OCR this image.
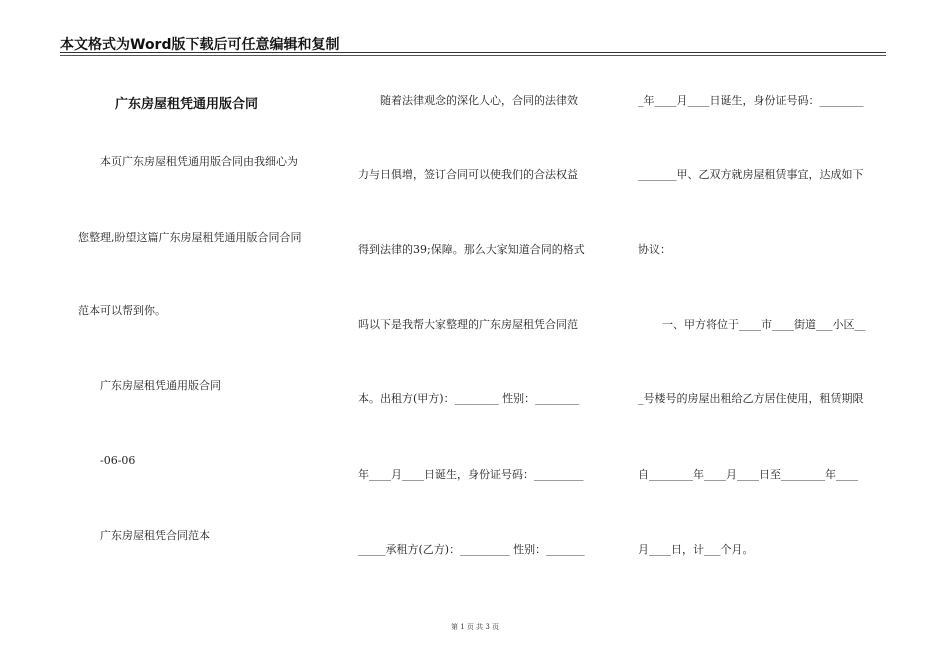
本文格式为Word版下载后可任意编辑和复制
广东房屋租凭通用版合同
本页广东房屋租凭通用版合同由我细心为
您整理,盼望这篇广东房屋租凭通用版合同合同
范本可以帮到你。
广东房屋租凭通用版合同
-06-06
广东房屋租凭合同范本
随着法律观念的深化人心，合同的法律效
力与日俱增，签订合同可以使我们的合法权益
得到法律的39;保障。那么大家知道合同的格式
吗以下是我帮大家整理的广东房屋租凭合同范
本。出租方(甲方)：________ 性别：________
年____月____日诞生，身份证号码：_________
_____承租方(乙方)：_________ 性别：_______
_年____月____日诞生，身份证号码：________
_______甲、乙双方就房屋租赁事宜，达成如下
协议：
一、甲方将位于____市____街道___小区__
_号楼号的房屋出租给乙方居住使用，租赁期限
自________年____月____日至________年____
月____日，计___个月。
第 1 页 共 3 页
